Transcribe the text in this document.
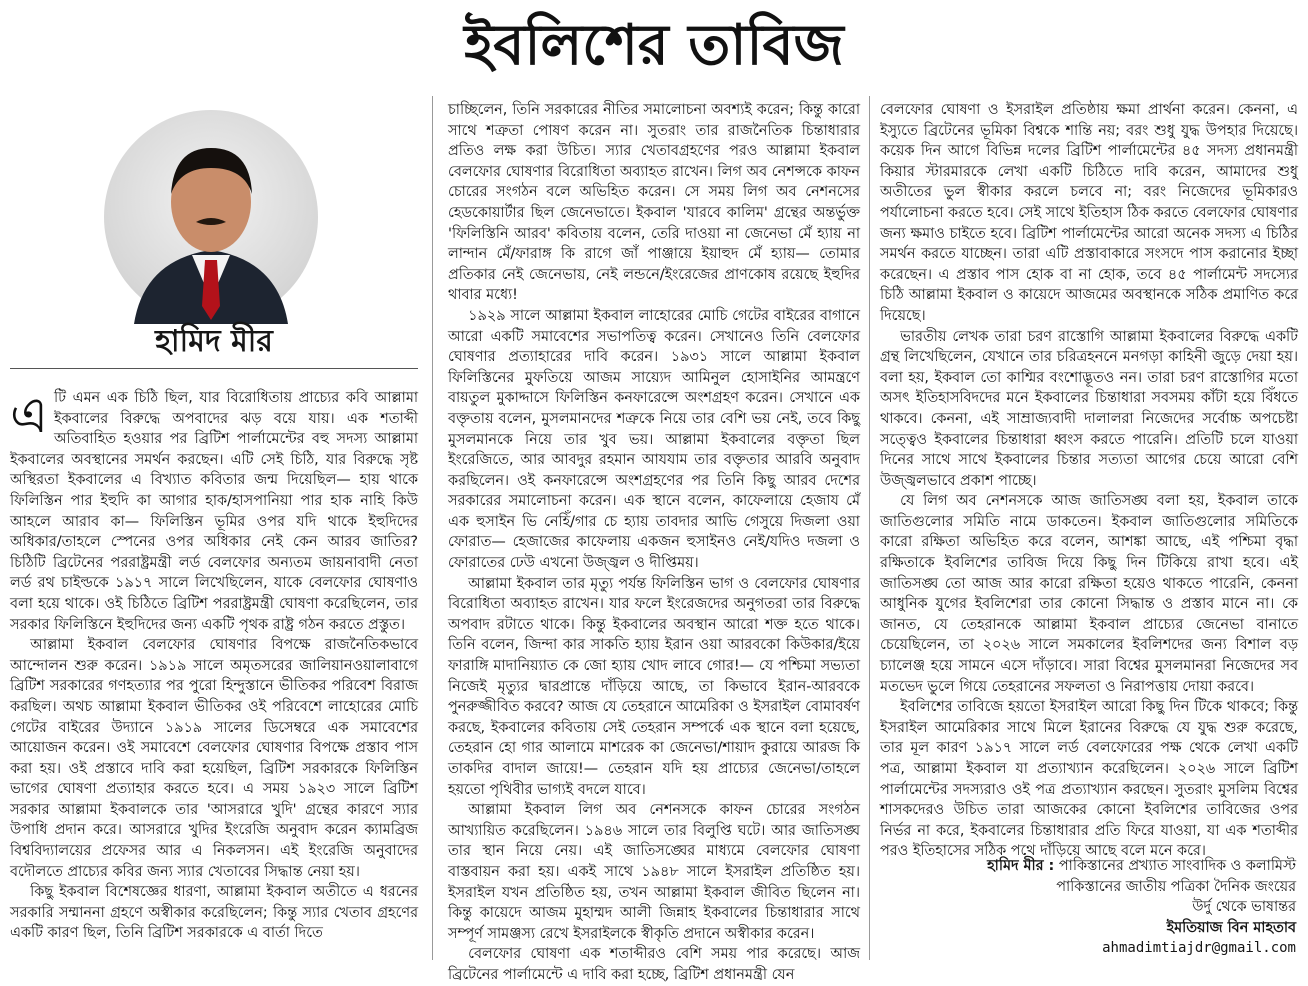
ইবলিশের তাবিজ
হামিদ মীর

এ টি এমন এক চিঠি ছিল, যার বিরোধিতায় প্রাচ্যের কবি আল্লামা ইকবালের বিরুদ্ধে অপবাদের ঝড় বয়ে যায়। এক শতাব্দী অতিবাহিত হওয়ার পর ব্রিটিশ পার্লামেন্টের বহু সদস্য আল্লামা ইকবালের অবস্থানের সমর্থন করছেন। এটি সেই চিঠি, যার বিরুদ্ধে সৃষ্ট অস্থিরতা ইকবালের এ বিখ্যাত কবিতার জন্ম দিয়েছিল— হায় থাকে ফিলিস্তিন পার ইহুদি কা আগার হাক/হাসপানিয়া পার হাক নাহি কিউ আহলে আরাব কা— ফিলিস্তিন ভূমির ওপর যদি থাকে ইহুদিদের অধিকার/তাহলে স্পেনের ওপর অধিকার নেই কেন আরব জাতির? চিঠিটি ব্রিটেনের পররাষ্ট্রমন্ত্রী লর্ড বেলফোর অন্যতম জায়নাবাদী নেতা লর্ড রথ চাইল্ডকে ১৯১৭ সালে লিখেছিলেন, যাকে বেলফোর ঘোষণাও বলা হয়ে থাকে। ওই চিঠিতে ব্রিটিশ পররাষ্ট্রমন্ত্রী ঘোষণা করেছিলেন, তার সরকার ফিলিস্তিনে ইহুদিদের জন্য একটি পৃথক রাষ্ট্র গঠন করতে প্রস্তুত।

আল্লামা ইকবাল বেলফোর ঘোষণার বিপক্ষে রাজনৈতিকভাবে আন্দোলন শুরু করেন। ১৯১৯ সালে অমৃতসরের জালিয়ানওয়ালাবাগে ব্রিটিশ সরকারের গণহত্যার পর পুরো হিন্দুস্তানে ভীতিকর পরিবেশ বিরাজ করছিল। অথচ আল্লামা ইকবাল ভীতিকর ওই পরিবেশে লাহোরের মোচি গেটের বাইরের উদ্যানে ১৯১৯ সালের ডিসেম্বরে এক সমাবেশের আয়োজন করেন। ওই সমাবেশে বেলফোর ঘোষণার বিপক্ষে প্রস্তাব পাস করা হয়। ওই প্রস্তাবে দাবি করা হয়েছিল, ব্রিটিশ সরকারকে ফিলিস্তিন ভাগের ঘোষণা প্রত্যাহার করতে হবে। এ সময় ১৯২৩ সালে ব্রিটিশ সরকার আল্লামা ইকবালকে তার 'আসরারে খুদি' গ্রন্থের কারণে স্যার উপাধি প্রদান করে। আসরারে খুদির ইংরেজি অনুবাদ করেন ক্যামব্রিজ বিশ্ববিদ্যালয়ের প্রফেসর আর এ নিকলসন। এই ইংরেজি অনুবাদের বদৌলতে প্রাচ্যের কবির জন্য স্যার খেতাবের সিদ্ধান্ত নেয়া হয়।

কিছু ইকবাল বিশেষজ্ঞের ধারণা, আল্লামা ইকবাল অতীতে এ ধরনের সরকারি সম্মাননা গ্রহণে অস্বীকার করেছিলেন; কিন্তু স্যার খেতাব গ্রহণের একটি কারণ ছিল, তিনি ব্রিটিশ সরকারকে এ বার্তা দিতে

চাচ্ছিলেন, তিনি সরকারের নীতির সমালোচনা অবশ্যই করেন; কিন্তু কারো সাথে শত্রুতা পোষণ করেন না। সুতরাং তার রাজনৈতিক চিন্তাধারার প্রতিও লক্ষ করা উচিত। স্যার খেতাবগ্রহণের পরও আল্লামা ইকবাল বেলফোর ঘোষণার বিরোধিতা অব্যাহত রাখেন। লিগ অব নেশন্সকে কাফন চোরের সংগঠন বলে অভিহিত করেন। সে সময় লিগ অব নেশনসের হেডকোয়ার্টার ছিল জেনেভাতে। ইকবাল 'যারবে কালিম' গ্রন্থের অন্তর্ভুক্ত 'ফিলিস্তিনি আরব' কবিতায় বলেন, তেরি দাওয়া না জেনেভা মেঁ হ্যায় না লান্দান মেঁ/ফারাঙ্গ কি রাগে জাঁ পাঞ্জায়ে ইয়াহুদ মেঁ হ্যায়— তোমার প্রতিকার নেই জেনেভায়, নেই লন্ডনে/ইংরেজের প্রাণকোষ রয়েছে ইহুদির থাবার মধ্যে!

১৯২৯ সালে আল্লামা ইকবাল লাহোরের মোচি গেটের বাইরের বাগানে আরো একটি সমাবেশের সভাপতিত্ব করেন। সেখানেও তিনি বেলফোর ঘোষণার প্রত্যাহারের দাবি করেন। ১৯৩১ সালে আল্লামা ইকবাল ফিলিস্তিনের মুফতিয়ে আজম সায়্যেদ আমিনুল হোসাইনির আমন্ত্রণে বায়তুল মুকাদ্দাসে ফিলিস্তিন কনফারেন্সে অংশগ্রহণ করেন। সেখানে এক বক্তৃতায় বলেন, মুসলমানদের শত্রুকে নিয়ে তার বেশি ভয় নেই, তবে কিছু মুসলমানকে নিয়ে তার খুব ভয়। আল্লামা ইকবালের বক্তৃতা ছিল ইংরেজিতে, আর আবদুর রহমান আযযাম তার বক্তৃতার আরবি অনুবাদ করছিলেন। ওই কনফারেন্সে অংশগ্রহণের পর তিনি কিছু আরব দেশের সরকারের সমালোচনা করেন। এক স্থানে বলেন, কাফেলায়ে হেজায মেঁ এক হুসাইন ভি নেহিঁ/গার চে হ্যায় তাবদার আভি গেসুয়ে দিজলা ওয়া ফোরাত— হেজাজের কাফেলায় একজন হুসাইনও নেই/যদিও দজলা ও ফোরাতের ঢেউ এখনো উজ্জ্বল ও দীপ্তিময়।

আল্লামা ইকবাল তার মৃত্যু পর্যন্ত ফিলিস্তিন ভাগ ও বেলফোর ঘোষণার বিরোধিতা অব্যাহত রাখেন। যার ফলে ইংরেজদের অনুগতরা তার বিরুদ্ধে অপবাদ রটাতে থাকে। কিন্তু ইকবালের অবস্থান আরো শক্ত হতে থাকে। তিনি বলেন, জিন্দা কার সাকতি হ্যায় ইরান ওয়া আরবকো কিউকার/ইয়ে ফারাঙ্গি মাদানিয়্যাত কে জো হ্যায় খোদ লাবে গোর!— যে পশ্চিমা সভ্যতা নিজেই মৃত্যুর দ্বারপ্রান্তে দাঁড়িয়ে আছে, তা কিভাবে ইরান-আরবকে পুনরুজ্জীবিত করবে? আজ যে তেহরানে আমেরিকা ও ইসরাইল বোমাবর্ষণ করছে, ইকবালের কবিতায় সেই তেহরান সম্পর্কে এক স্থানে বলা হয়েছে, তেহরান হো গার আলামে মাশরেক কা জেনেভা/শায়াদ কুরায়ে আরজ কি তাকদির বাদাল জায়ে!— তেহরান যদি হয় প্রাচ্যের জেনেভা/তাহলে হয়তো পৃথিবীর ভাগ্যই বদলে যাবে।

আল্লামা ইকবাল লিগ অব নেশনসকে কাফন চোরের সংগঠন আখ্যায়িত করেছিলেন। ১৯৪৬ সালে তার বিলুপ্তি ঘটে। আর জাতিসঙ্ঘ তার স্থান নিয়ে নেয়। এই জাতিসঙ্ঘের মাধ্যমে বেলফোর ঘোষণা বাস্তবায়ন করা হয়। একই সাথে ১৯৪৮ সালে ইসরাইল প্রতিষ্ঠিত হয়। ইসরাইল যখন প্রতিষ্ঠিত হয়, তখন আল্লামা ইকবাল জীবিত ছিলেন না। কিন্তু কায়েদে আজম মুহাম্মদ আলী জিন্নাহ ইকবালের চিন্তাধারার সাথে সম্পূর্ণ সামঞ্জস্য রেখে ইসরাইলকে স্বীকৃতি প্রদানে অস্বীকার করেন।

বেলফোর ঘোষণা এক শতাব্দীরও বেশি সময় পার করেছে। আজ ব্রিটেনের পার্লামেন্টে এ দাবি করা হচ্ছে, ব্রিটিশ প্রধানমন্ত্রী যেন

বেলফোর ঘোষণা ও ইসরাইল প্রতিষ্ঠায় ক্ষমা প্রার্থনা করেন। কেননা, এ ইস্যুতে ব্রিটেনের ভূমিকা বিশ্বকে শান্তি নয়; বরং শুধু যুদ্ধ উপহার দিয়েছে। কয়েক দিন আগে বিভিন্ন দলের ব্রিটিশ পার্লামেন্টের ৪৫ সদস্য প্রধানমন্ত্রী কিয়ার স্টারমারকে লেখা একটি চিঠিতে দাবি করেন, আমাদের শুধু অতীতের ভুল স্বীকার করলে চলবে না; বরং নিজেদের ভূমিকারও পর্যালোচনা করতে হবে। সেই সাথে ইতিহাস ঠিক করতে বেলফোর ঘোষণার জন্য ক্ষমাও চাইতে হবে। ব্রিটিশ পার্লামেন্টের আরো অনেক সদস্য এ চিঠির সমর্থন করতে যাচ্ছেন। তারা এটি প্রস্তাবাকারে সংসদে পাস করানোর ইচ্ছা করেছেন। এ প্রস্তাব পাস হোক বা না হোক, তবে ৪৫ পার্লামেন্ট সদস্যের চিঠি আল্লামা ইকবাল ও কায়েদে আজমের অবস্থানকে সঠিক প্রমাণিত করে দিয়েছে।

ভারতীয় লেখক তারা চরণ রাস্তোগি আল্লামা ইকবালের বিরুদ্ধে একটি গ্রন্থ লিখেছিলেন, যেখানে তার চরিত্রহননে মনগড়া কাহিনী জুড়ে দেয়া হয়। বলা হয়, ইকবাল তো কাশ্মির বংশোদ্ভূতও নন। তারা চরণ রাস্তোগির মতো অসৎ ইতিহাসবিদদের মনে ইকবালের চিন্তাধারা সবসময় কাঁটা হয়ে বিঁধতে থাকবে। কেননা, এই সাম্রাজ্যবাদী দালালরা নিজেদের সর্বোচ্চ অপচেষ্টা সত্ত্বেও ইকবালের চিন্তাধারা ধ্বংস করতে পারেনি। প্রতিটি চলে যাওয়া দিনের সাথে সাথে ইকবালের চিন্তার সত্যতা আগের চেয়ে আরো বেশি উজ্জ্বলভাবে প্রকাশ পাচ্ছে।

যে লিগ অব নেশনসকে আজ জাতিসঙ্ঘ বলা হয়, ইকবাল তাকে জাতিগুলোর সমিতি নামে ডাকতেন। ইকবাল জাতিগুলোর সমিতিকে কারো রক্ষিতা অভিহিত করে বলেন, আশঙ্কা আছে, এই পশ্চিমা বৃদ্ধা রক্ষিতাকে ইবলিশের তাবিজ দিয়ে কিছু দিন টিকিয়ে রাখা হবে। এই জাতিসঙ্ঘ তো আজ আর কারো রক্ষিতা হয়েও থাকতে পারেনি, কেননা আধুনিক যুগের ইবলিশেরা তার কোনো সিদ্ধান্ত ও প্রস্তাব মানে না। কে জানত, যে তেহরানকে আল্লামা ইকবাল প্রাচ্যের জেনেভা বানাতে চেয়েছিলেন, তা ২০২৬ সালে সমকালের ইবলিশদের জন্য বিশাল বড় চ্যালেঞ্জ হয়ে সামনে এসে দাঁড়াবে। সারা বিশ্বের মুসলমানরা নিজেদের সব মতভেদ ভুলে গিয়ে তেহরানের সফলতা ও নিরাপত্তায় দোয়া করবে।

ইবলিশের তাবিজে হয়তো ইসরাইল আরো কিছু দিন টিকে থাকবে; কিন্তু ইসরাইল আমেরিকার সাথে মিলে ইরানের বিরুদ্ধে যে যুদ্ধ শুরু করেছে, তার মূল কারণ ১৯১৭ সালে লর্ড বেলফোরের পক্ষ থেকে লেখা একটি পত্র, আল্লামা ইকবাল যা প্রত্যাখ্যান করেছিলেন। ২০২৬ সালে ব্রিটিশ পার্লামেন্টের সদস্যরাও ওই পত্র প্রত্যাখ্যান করছেন। সুতরাং মুসলিম বিশ্বের শাসকদেরও উচিত তারা আজকের কোনো ইবলিশের তাবিজের ওপর নির্ভর না করে, ইকবালের চিন্তাধারার প্রতি ফিরে যাওয়া, যা এক শতাব্দীর পরও ইতিহাসের সঠিক পথে দাঁড়িয়ে আছে বলে মনে করে।

হামিদ মীর : পাকিস্তানের প্রখ্যাত সাংবাদিক ও কলামিস্ট
পাকিস্তানের জাতীয় পত্রিকা দৈনিক জংয়ের
উর্দু থেকে ভাষান্তর
ইমতিয়াজ বিন মাহতাব
ahmadimtiajdr@gmail.com
